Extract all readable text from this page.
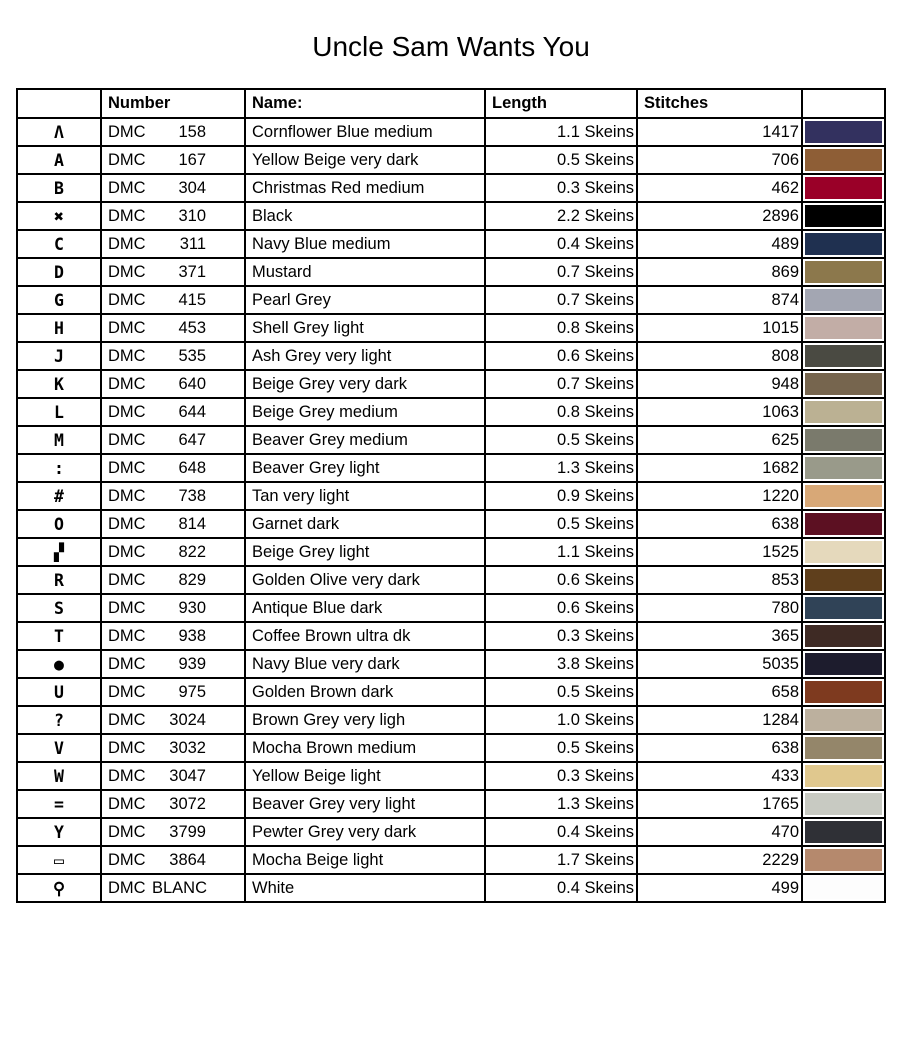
Uncle Sam Wants You
	Number	Name:	Length	Stitches	
Λ	DMC 158	Cornflower Blue medium	1.1 Skeins	1417	

A	DMC 167	Yellow Beige very dark	0.5 Skeins	706	

B	DMC 304	Christmas Red medium	0.3 Skeins	462	

✖	DMC 310	Black	2.2 Skeins	2896	

C	DMC 311	Navy Blue medium	0.4 Skeins	489	

D	DMC 371	Mustard	0.7 Skeins	869	

G	DMC 415	Pearl Grey	0.7 Skeins	874	

H	DMC 453	Shell Grey light	0.8 Skeins	1015	

J	DMC 535	Ash Grey very light	0.6 Skeins	808	

K	DMC 640	Beige Grey very dark	0.7 Skeins	948	

L	DMC 644	Beige Grey medium	0.8 Skeins	1063	

M	DMC 647	Beaver Grey medium	0.5 Skeins	625	

:	DMC 648	Beaver Grey light	1.3 Skeins	1682	

#	DMC 738	Tan very light	0.9 Skeins	1220	

O	DMC 814	Garnet dark	0.5 Skeins	638	

▞	DMC 822	Beige Grey light	1.1 Skeins	1525	

R	DMC 829	Golden Olive very dark	0.6 Skeins	853	

S	DMC 930	Antique Blue dark	0.6 Skeins	780	

T	DMC 938	Coffee Brown ultra dk	0.3 Skeins	365	

●	DMC 939	Navy Blue very dark	3.8 Skeins	5035	

U	DMC 975	Golden Brown dark	0.5 Skeins	658	

?	DMC 3024	Brown Grey very ligh	1.0 Skeins	1284	

V	DMC 3032	Mocha Brown medium	0.5 Skeins	638	

W	DMC 3047	Yellow Beige light	0.3 Skeins	433	

=	DMC 3072	Beaver Grey very light	1.3 Skeins	1765	

Y	DMC 3799	Pewter Grey very dark	0.4 Skeins	470	

▭	DMC 3864	Mocha Beige light	1.7 Skeins	2229	

⚲	DMC BLANC	White	0.4 Skeins	499	
